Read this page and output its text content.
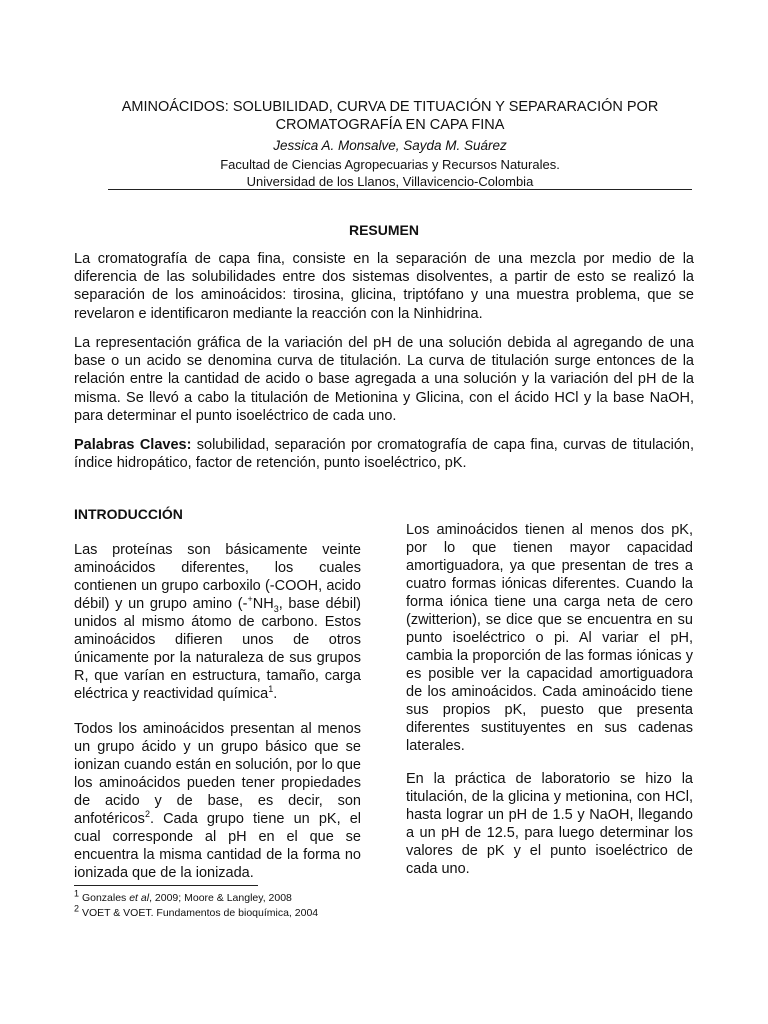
AMINOÁCIDOS: SOLUBILIDAD, CURVA DE TITUACIÓN Y SEPARARACIÓN POR
CROMATOGRAFÍA EN CAPA FINA
Jessica A. Monsalve, Sayda M. Suárez
Facultad de Ciencias Agropecuarias y Recursos Naturales.
Universidad de los Llanos, Villavicencio-Colombia
RESUMEN

La cromatografía de capa fina, consiste en la separación de una mezcla por medio de la diferencia de las solubilidades entre dos sistemas disolventes, a partir de esto se realizó la separación de los aminoácidos: tirosina, glicina, triptófano y una muestra problema, que se revelaron e identificaron mediante la reacción con la Ninhidrina.

La representación gráfica de la variación del pH de una solución debida al agregando de una base o un acido se denomina curva de titulación. La curva de titulación surge entonces de la relación entre la cantidad de acido o base agregada a una solución y la variación del pH de la misma. Se llevó a cabo la titulación de Metionina y Glicina, con el ácido HCl y la base NaOH, para determinar el punto isoeléctrico de cada uno.

Palabras Claves: solubilidad, separación por cromatografía de capa fina, curvas de titulación, índice hidropático, factor de retención, punto isoeléctrico, pK.

INTRODUCCIÓN

Las proteínas son básicamente veinte aminoácidos diferentes, los cuales contienen un grupo carboxilo (-COOH, acido débil) y un grupo amino ($-^+NH_3$, base débil) unidos al mismo átomo de carbono. Estos aminoácidos difieren unos de otros únicamente por la naturaleza de sus grupos R, que varían en estructura, tamaño, carga eléctrica y reactividad química$^1$.

Todos los aminoácidos presentan al menos un grupo ácido y un grupo básico que se ionizan cuando están en solución, por lo que los aminoácidos pueden tener propiedades de acido y de base, es decir, son anfotéricos$^2$. Cada grupo tiene un pK, el cual corresponde al pH en el que se encuentra la misma cantidad de la forma no ionizada que de la ionizada.

Los aminoácidos tienen al menos dos pK, por lo que tienen mayor capacidad amortiguadora, ya que presentan de tres a cuatro formas iónicas diferentes. Cuando la forma iónica tiene una carga neta de cero (zwitterion), se dice que se encuentra en su punto isoeléctrico o pi. Al variar el pH, cambia la proporción de las formas iónicas y es posible ver la capacidad amortiguadora de los aminoácidos. Cada aminoácido tiene sus propios pK, puesto que presenta diferentes sustituyentes en sus cadenas laterales.

En la práctica de laboratorio se hizo la titulación, de la glicina y metionina, con HCl, hasta lograr un pH de 1.5 y NaOH, llegando a un pH de 12.5, para luego determinar los valores de pK y el punto isoeléctrico de cada uno.

$^1$ Gonzales et al, 2009; Moore & Langley, 2008
$^2$ VOET & VOET. Fundamentos de bioquímica, 2004
